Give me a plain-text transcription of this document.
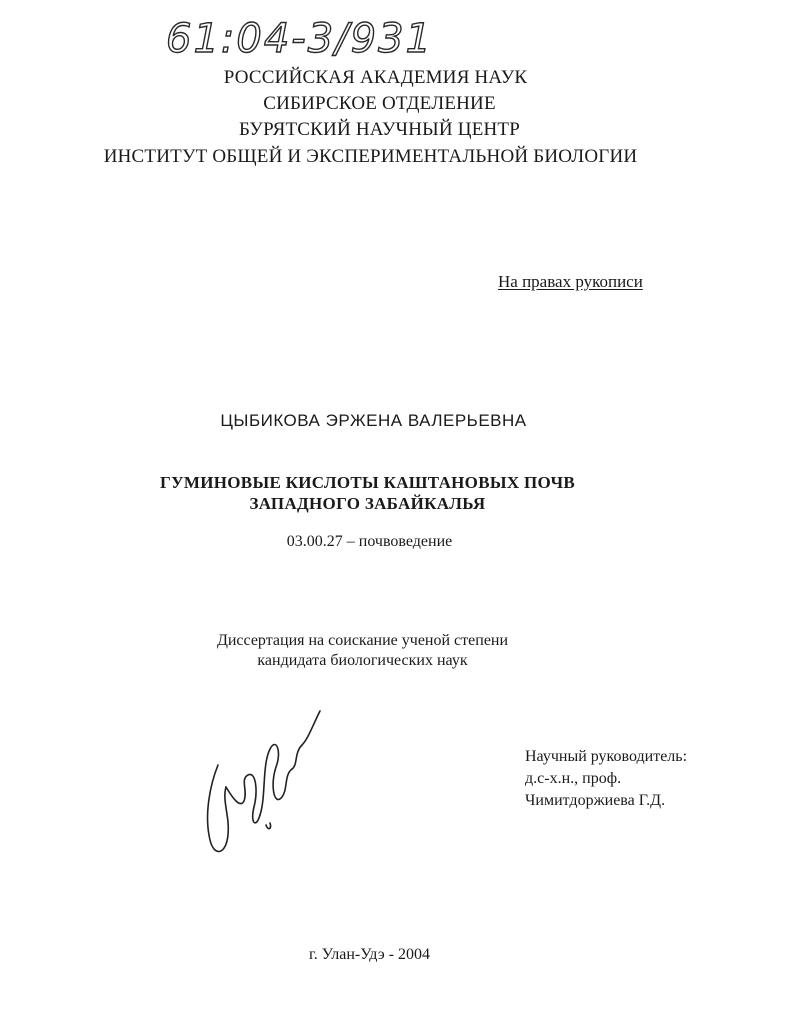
61:04-3/931
РОССИЙСКАЯ АКАДЕМИЯ НАУК
СИБИРСКОЕ ОТДЕЛЕНИЕ
БУРЯТСКИЙ НАУЧНЫЙ ЦЕНТР
ИНСТИТУТ ОБЩЕЙ И ЭКСПЕРИМЕНТАЛЬНОЙ БИОЛОГИИ
На правах рукописи
ЦЫБИКОВА ЭРЖЕНА ВАЛЕРЬЕВНА
ГУМИНОВЫЕ КИСЛОТЫ КАШТАНОВЫХ ПОЧВ
ЗАПАДНОГО ЗАБАЙКАЛЬЯ
03.00.27 – почвоведение
Диссертация на соискание ученой степени
кандидата биологических наук
Научный руководитель:
д.с-х.н., проф.
Чимитдоржиева Г.Д.
г. Улан-Удэ - 2004
